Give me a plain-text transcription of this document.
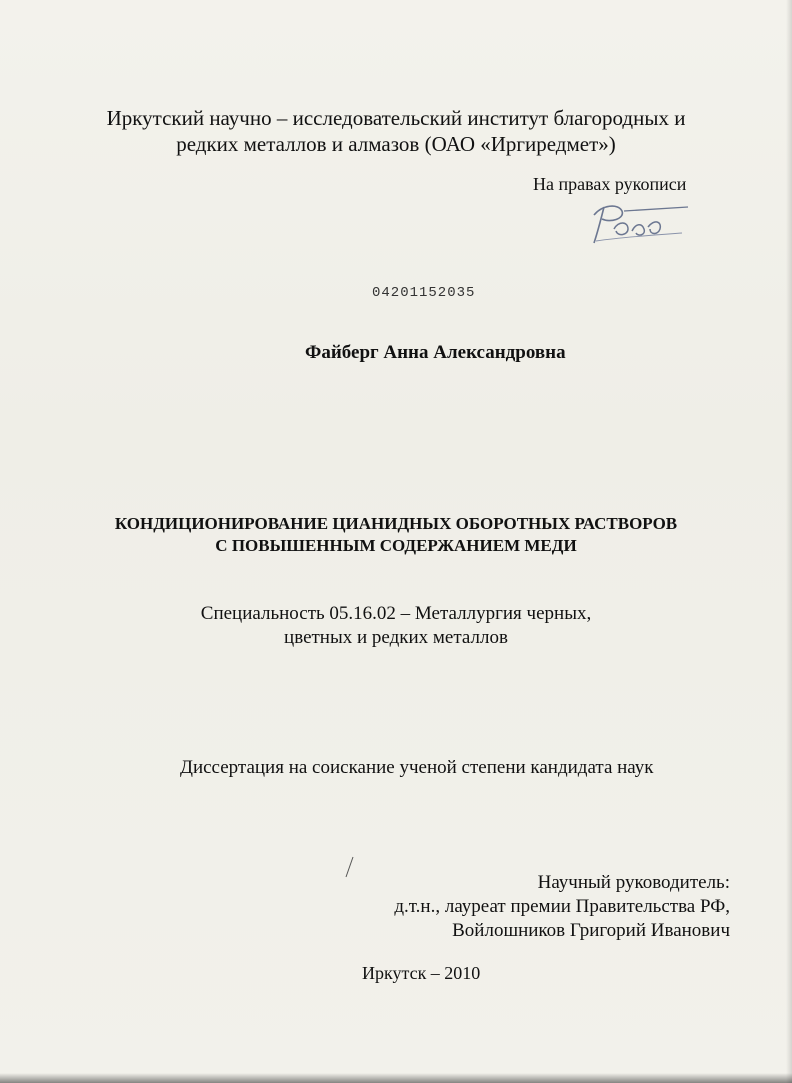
Иркутский научно – исследовательский институт благородных и
редких металлов и алмазов (ОАО «Иргиредмет»)
На правах рукописи
04201152035
Файберг Анна Александровна
КОНДИЦИОНИРОВАНИЕ ЦИАНИДНЫХ ОБОРОТНЫХ РАСТВОРОВ
С ПОВЫШЕННЫМ СОДЕРЖАНИЕМ МЕДИ
Специальность 05.16.02 – Металлургия черных,
цветных и редких металлов
Диссертация на соискание ученой степени кандидата наук
Научный руководитель:
д.т.н., лауреат премии Правительства РФ,
Войлошников Григорий Иванович
Иркутск – 2010
